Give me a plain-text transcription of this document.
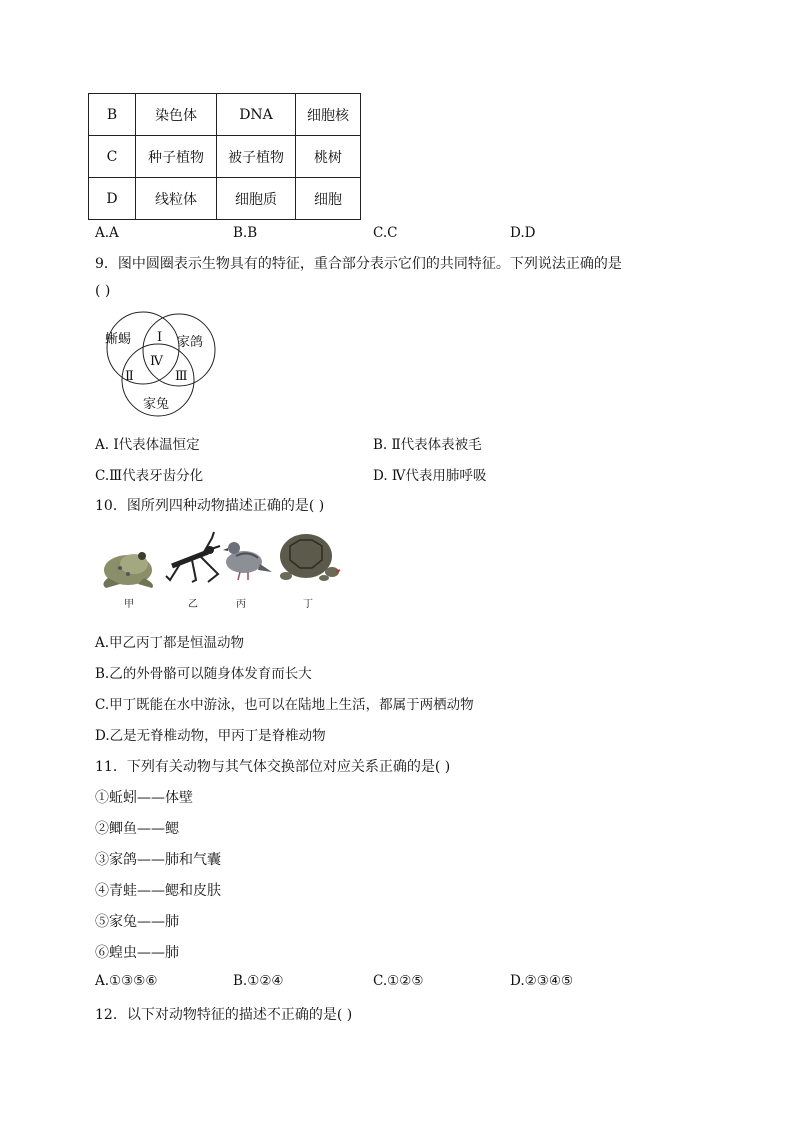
B	染色体	DNA	细胞核
C	种子植物	被子植物	桃树
D	线粒体	细胞质	细胞
A.A	B.B	C.C	D.D
9．图中圆圈表示生物具有的特征，重合部分表示它们的共同特征。下列说法正确的是
( )
蜥蜴	家鸽
家兔
Ⅰ
Ⅱ	Ⅲ
Ⅳ
A. Ⅰ代表体温恒定	B. Ⅱ代表体表被毛
C.Ⅲ代表牙齿分化	D. Ⅳ代表用肺呼吸
10．图所列四种动物描述正确的是( )
甲	乙	丙	丁
A.甲乙丙丁都是恒温动物
B.乙的外骨骼可以随身体发育而长大
C.甲丁既能在水中游泳，也可以在陆地上生活，都属于两栖动物
D.乙是无脊椎动物，甲丙丁是脊椎动物
11．下列有关动物与其气体交换部位对应关系正确的是( )
①蚯蚓——体壁
②鲫鱼——鳃
③家鸽——肺和气囊
④青蛙——鳃和皮肤
⑤家兔——肺
⑥蝗虫——肺
A.①③⑤⑥	B.①②④	C.①②⑤	D.②③④⑤
12．以下对动物特征的描述不正确的是( )
